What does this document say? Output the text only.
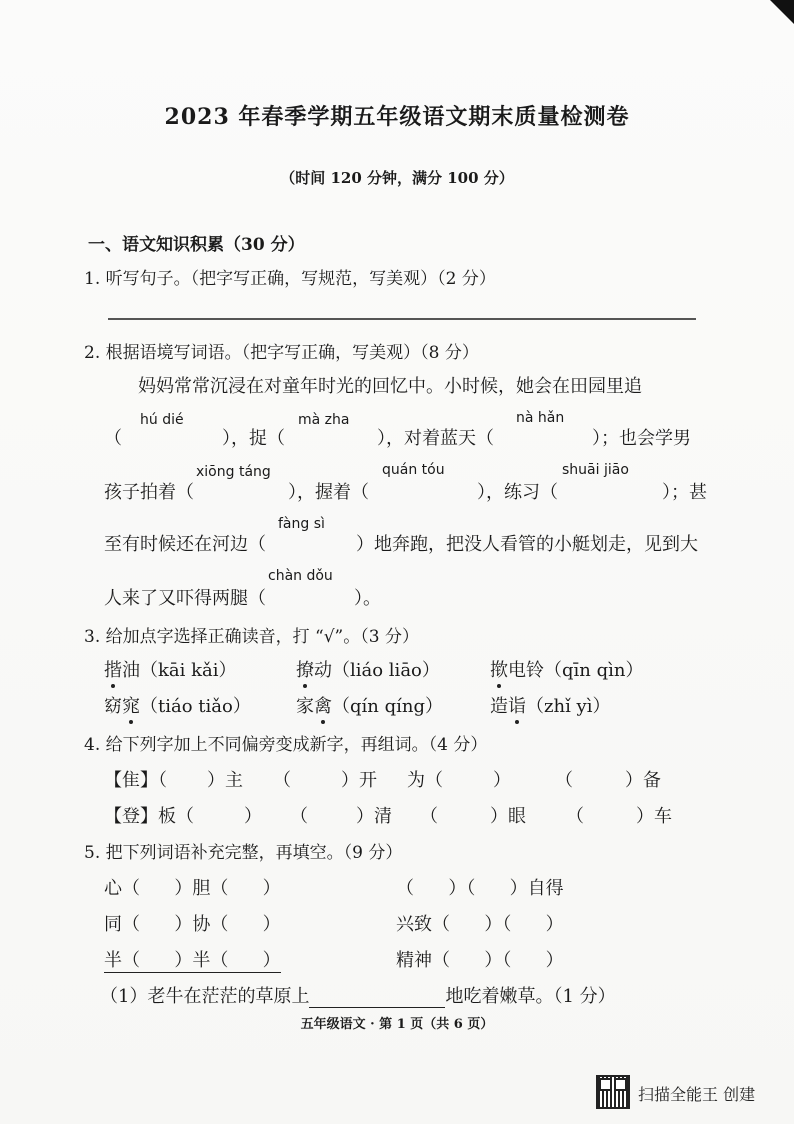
2023 年春季学期五年级语文期末质量检测卷
（时间 120 分钟，满分 100 分）
一、语文知识积累（30 分）
1. 听写句子。（把字写正确，写规范，写美观）（2 分）
2. 根据语境写词语。（把字写正确，写美观）（8 分）
妈妈常常沉浸在对童年时光的回忆中。小时候，她会在田园里追
hú dié	mà zha	nà hǎn
（	），捉（	），对着蓝天（	）；也会学男
xiōng táng	quán tóu	shuāi jiāo
孩子拍着（	），握着（	），练习（	）；甚
fàng sì
至有时候还在河边（	）地奔跑，把没人看管的小艇划走，见到大
chàn dǒu
人来了又吓得两腿（	）。
3. 给加点字选择正确读音，打 “√”。（3 分）
揩油（kāi kǎi）	撩动（liáo liāo）	揿电铃（qīn qìn）
窈窕（tiáo tiǎo）	家禽（qín qíng）	造诣（zhǐ yì）
4. 给下列字加上不同偏旁变成新字，再组词。（4 分）
【隹】（ ）主 （	）开 为（	） （	）备
【登】板（	） （	）清 （	）眼 （	）车
5. 把下列词语补充完整，再填空。（9 分）
心（      ）胆（      ）	（      ）（      ）自得
同（      ）协（      ）	兴致（      ）（      ）
半（      ）半（      ）	精神（      ）（      ）
（1）老牛在茫茫的草原上	地吃着嫩草。（1 分）
五年级语文 · 第 1 页（共 6 页）
扫描全能王 创建
